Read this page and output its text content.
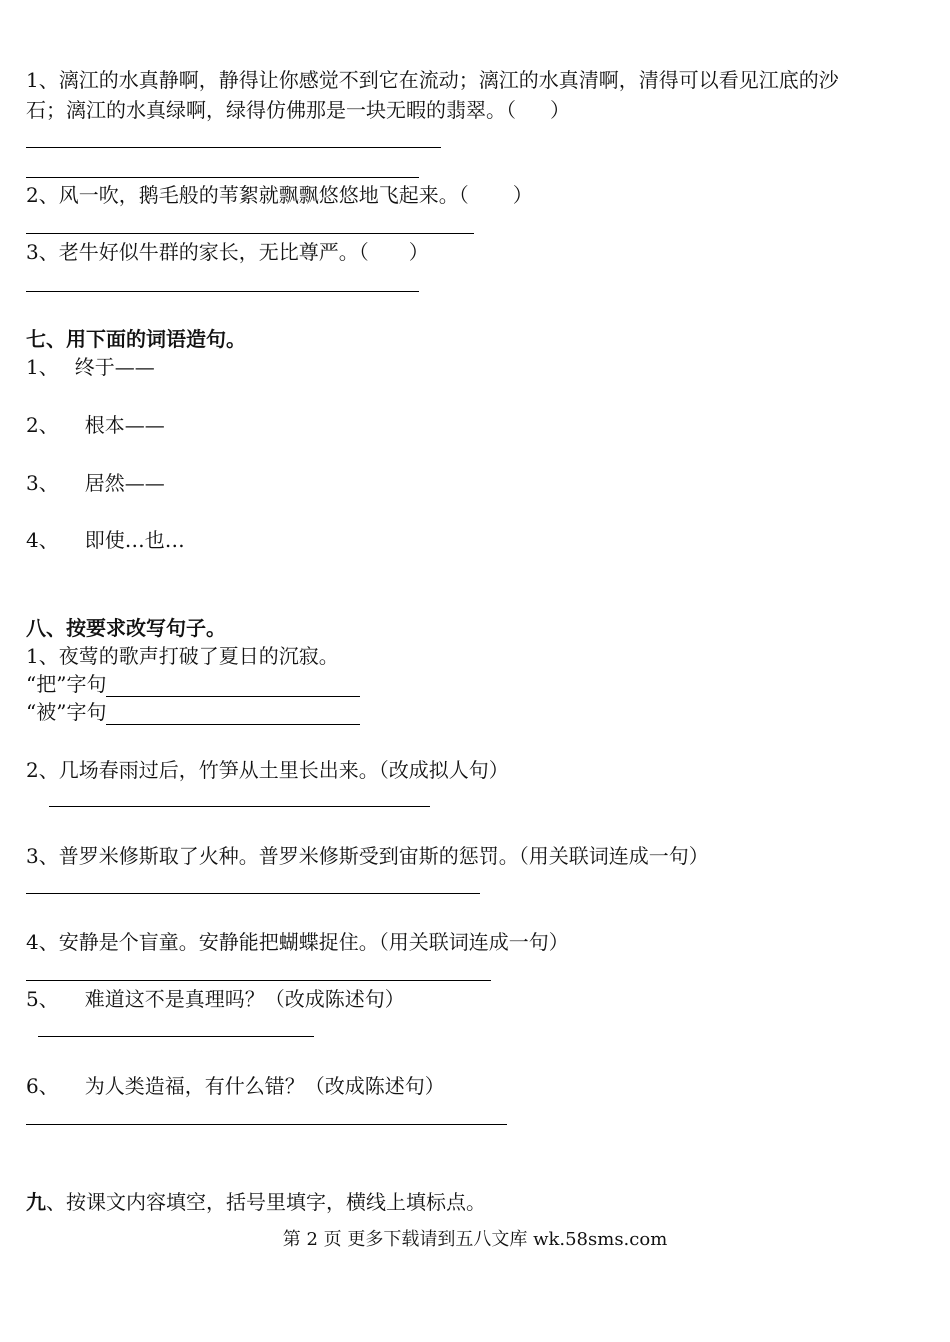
1、漓江的水真静啊，静得让你感觉不到它在流动；漓江的水真清啊，清得可以看见江底的沙
石；漓江的水真绿啊，绿得仿佛那是一块无暇的翡翠。（ ）
2、风一吹，鹅毛般的苇絮就飘飘悠悠地飞起来。（ ）
3、老牛好似牛群的家长，无比尊严。（ ）
七、用下面的词语造句。
1、 终于——
2、 根本——
3、 居然——
4、 即使…也…
八、按要求改写句子。
1、夜莺的歌声打破了夏日的沉寂。
“把”字句
“被”字句
2、几场春雨过后，竹笋从土里长出来。（改成拟人句）
3、普罗米修斯取了火种。普罗米修斯受到宙斯的惩罚。（用关联词连成一句）
4、安静是个盲童。安静能把蝴蝶捉住。（用关联词连成一句）
5、 难道这不是真理吗？（改成陈述句）
6、 为人类造福，有什么错？（改成陈述句）
九、按课文内容填空，括号里填字，横线上填标点。
第 2 页 更多下载请到五八文库 wk.58sms.com
